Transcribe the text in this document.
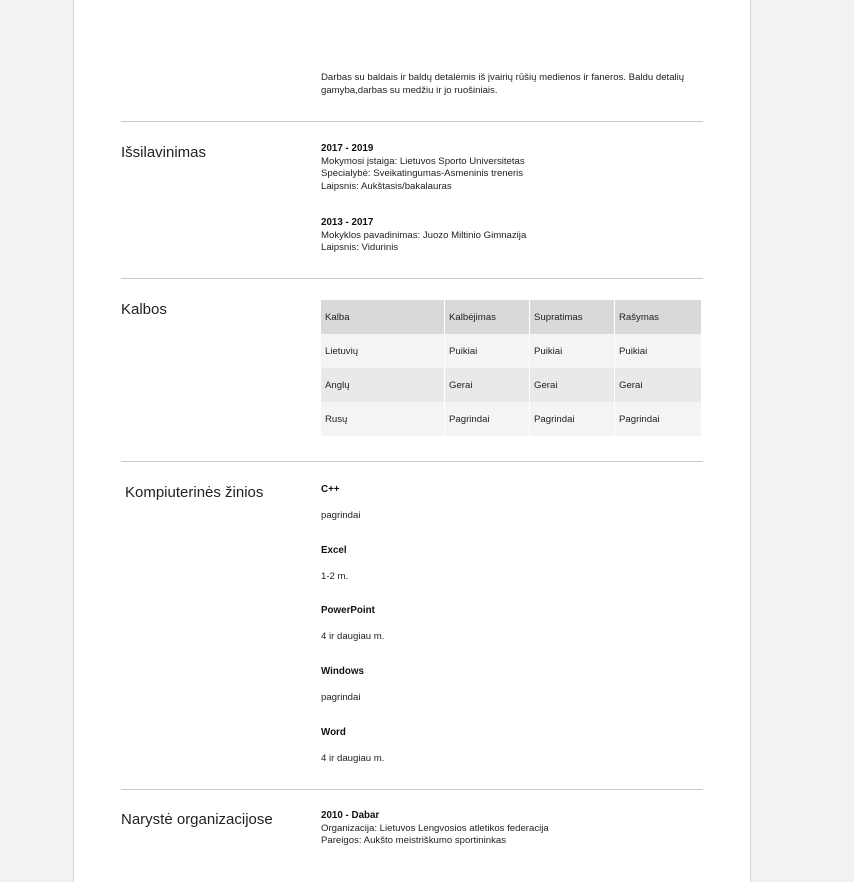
Darbas su baldais ir baldų detalėmis iš įvairių rūšių medienos ir faneros. Baldu detalių gamyba,darbas su medžiu ir jo ruošiniais.
Išsilavinimas	2017 - 2019
Mokymosi įstaiga: Lietuvos Sporto Universitetas
Specialybė: Sveikatingumas-Asmeninis treneris
Laipsnis: Aukštasis/bakalauras
2013 - 2017
Mokyklos pavadinimas: Juozo Miltinio Gimnazija
Laipsnis: Vidurinis
Kalbos	Kalba	Kalbėjimas	Supratimas	Rašymas
Lietuvių	Puikiai	Puikiai	Puikiai
Anglų	Gerai	Gerai	Gerai
Rusų	Pagrindai	Pagrindai	Pagrindai
Kompiuterinės žinios	C++
pagrindai
Excel
1-2 m.
PowerPoint
4 ir daugiau m.
Windows
pagrindai
Word
4 ir daugiau m.
Narystė organizacijose	2010 - Dabar
Organizacija: Lietuvos Lengvosios atletikos federacija
Pareigos: Aukšto meistriškumo sportininkas
